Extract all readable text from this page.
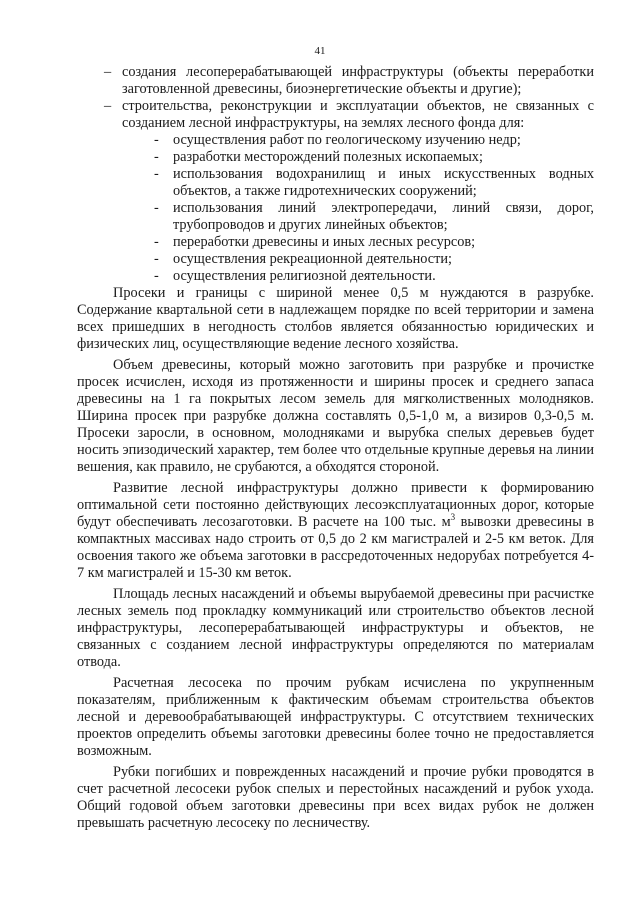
41
– создания лесоперерабатывающей инфраструктуры (объекты переработки заготовленной древесины, биоэнергетические объекты и другие);
– строительства, реконструкции и эксплуатации объектов, не связанных с созданием лесной инфраструктуры, на землях лесного фонда для:
- осуществления работ по геологическому изучению недр;
- разработки месторождений полезных ископаемых;
- использования водохранилищ и иных искусственных водных объектов, а также гидротехнических сооружений;
- использования линий электропередачи, линий связи, дорог, трубопроводов и других линейных объектов;
- переработки древесины и иных лесных ресурсов;
- осуществления рекреационной деятельности;
- осуществления религиозной деятельности.

Просеки и границы с шириной менее 0,5 м нуждаются в разрубке. Содержание квартальной сети в надлежащем порядке по всей территории и замена всех пришедших в негодность столбов является обязанностью юридических и физических лиц, осуществляющие ведение лесного хозяйства.

Объем древесины, который можно заготовить при разрубке и прочистке просек исчислен, исходя из протяженности и ширины просек и среднего запаса древесины на 1 га покрытых лесом земель для мягколиственных молодняков. Ширина просек при разрубке должна составлять 0,5-1,0 м, а визиров 0,3-0,5 м. Просеки заросли, в основном, молодняками и вырубка спелых деревьев будет носить эпизодический характер, тем более что отдельные крупные деревья на линии вешения, как правило, не срубаются, а обходятся стороной.

Развитие лесной инфраструктуры должно привести к формированию оптимальной сети постоянно действующих лесоэксплуатационных дорог, которые будут обеспечивать лесозаготовки. В расчете на 100 тыс. $м^3$ вывозки древесины в компактных массивах надо строить от 0,5 до 2 км магистралей и 2-5 км веток. Для освоения такого же объема заготовки в рассредоточенных недорубах потребуется 4-7 км магистралей и 15-30 км веток.

Площадь лесных насаждений и объемы вырубаемой древесины при расчистке лесных земель под прокладку коммуникаций или строительство объектов лесной инфраструктуры, лесоперерабатывающей инфраструктуры и объектов, не связанных с созданием лесной инфраструктуры определяются по материалам отвода.

Расчетная лесосека по прочим рубкам исчислена по укрупненным показателям, приближенным к фактическим объемам строительства объектов лесной и деревообрабатывающей инфраструктуры. С отсутствием технических проектов определить объемы заготовки древесины более точно не предоставляется возможным.

Рубки погибших и поврежденных насаждений и прочие рубки проводятся в счет расчетной лесосеки рубок спелых и перестойных насаждений и рубок ухода. Общий годовой объем заготовки древесины при всех видах рубок не должен превышать расчетную лесосеку по лесничеству.
